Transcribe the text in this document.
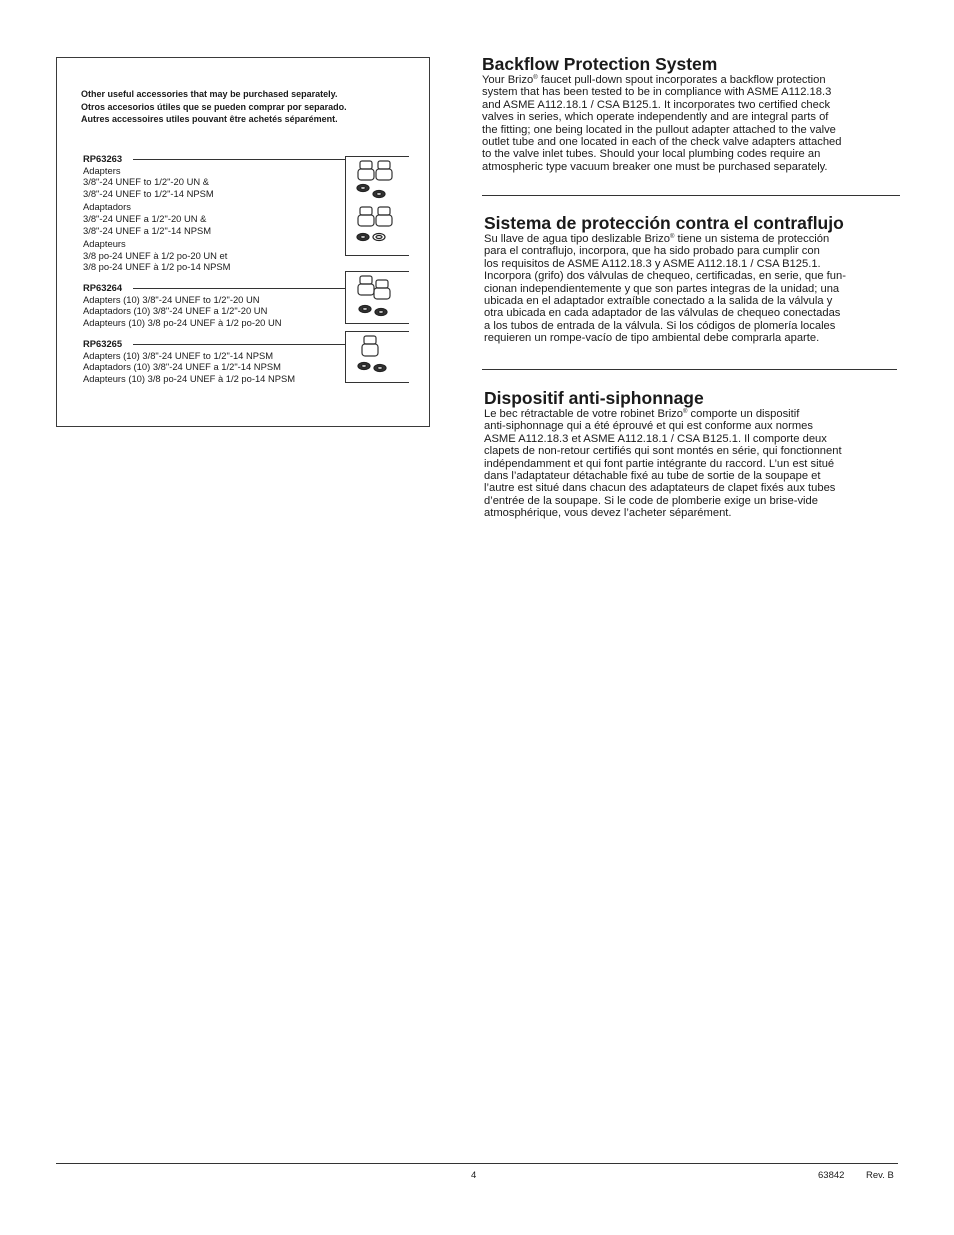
Other useful accessories that may be purchased separately.
Otros accesorios útiles que se pueden comprar por separado.
Autres accessoires utiles pouvant être achetés séparément.
RP63263
Adapters
3/8"-24 UNEF to 1/2"-20 UN &
3/8"-24 UNEF to 1/2"-14 NPSM
Adaptadors
3/8"-24 UNEF a 1/2"-20 UN &
3/8"-24 UNEF a 1/2"-14 NPSM
Adapteurs
3/8 po-24 UNEF à 1/2 po-20 UN et
3/8 po-24 UNEF à 1/2 po-14 NPSM
RP63264
Adapters (10) 3/8"-24 UNEF to 1/2"-20 UN
Adaptadors (10) 3/8"-24 UNEF a 1/2"-20 UN
Adapteurs (10) 3/8 po-24 UNEF à 1/2 po-20 UN
RP63265
Adapters (10) 3/8"-24 UNEF to 1/2"-14 NPSM
Adaptadors (10) 3/8"-24 UNEF a 1/2"-14 NPSM
Adapteurs (10) 3/8 po-24 UNEF à 1/2 po-14 NPSM
Backflow Protection System
Your Brizo® faucet pull-down spout incorporates a backflow protection
system that has been tested to be in compliance with ASME A112.18.3
and ASME A112.18.1 / CSA B125.1. It incorporates two certified check
valves in series, which operate independently and are integral parts of
the fitting; one being located in the pullout adapter attached to the valve
outlet tube and one located in each of the check valve adapters attached
to the valve inlet tubes. Should your local plumbing codes require an
atmospheric type vacuum breaker one must be purchased separately.
Sistema de protección contra el contraflujo
Su llave de agua tipo deslizable Brizo® tiene un sistema de protección
para el contraflujo, incorpora, que ha sido probado para cumplir con
los requisitos de ASME A112.18.3 y ASME A112.18.1 / CSA B125.1.
Incorpora (grifo) dos válvulas de chequeo, certificadas, en serie, que fun-
cionan independientemente y que son partes integras de la unidad; una
ubicada en el adaptador extraíble conectado a la salida de la válvula y
otra ubicada en cada adaptador de las válvulas de chequeo conectadas
a los tubos de entrada de la válvula. Si los códigos de plomería locales
requieren un rompe-vacío de tipo ambiental debe comprarla aparte.
Dispositif anti-siphonnage
Le bec rétractable de votre robinet Brizo® comporte un dispositif
anti-siphonnage qui a été éprouvé et qui est conforme aux normes
ASME A112.18.3 et ASME A112.18.1 / CSA B125.1. Il comporte deux
clapets de non-retour certifiés qui sont montés en série, qui fonctionnent
indépendamment et qui font partie intégrante du raccord. L’un est situé
dans l’adaptateur détachable fixé au tube de sortie de la soupape et
l’autre est situé dans chacun des adaptateurs de clapet fixés aux tubes
d’entrée de la soupape. Si le code de plomberie exige un brise-vide
atmosphérique, vous devez l’acheter séparément.
4	63842 Rev. B
